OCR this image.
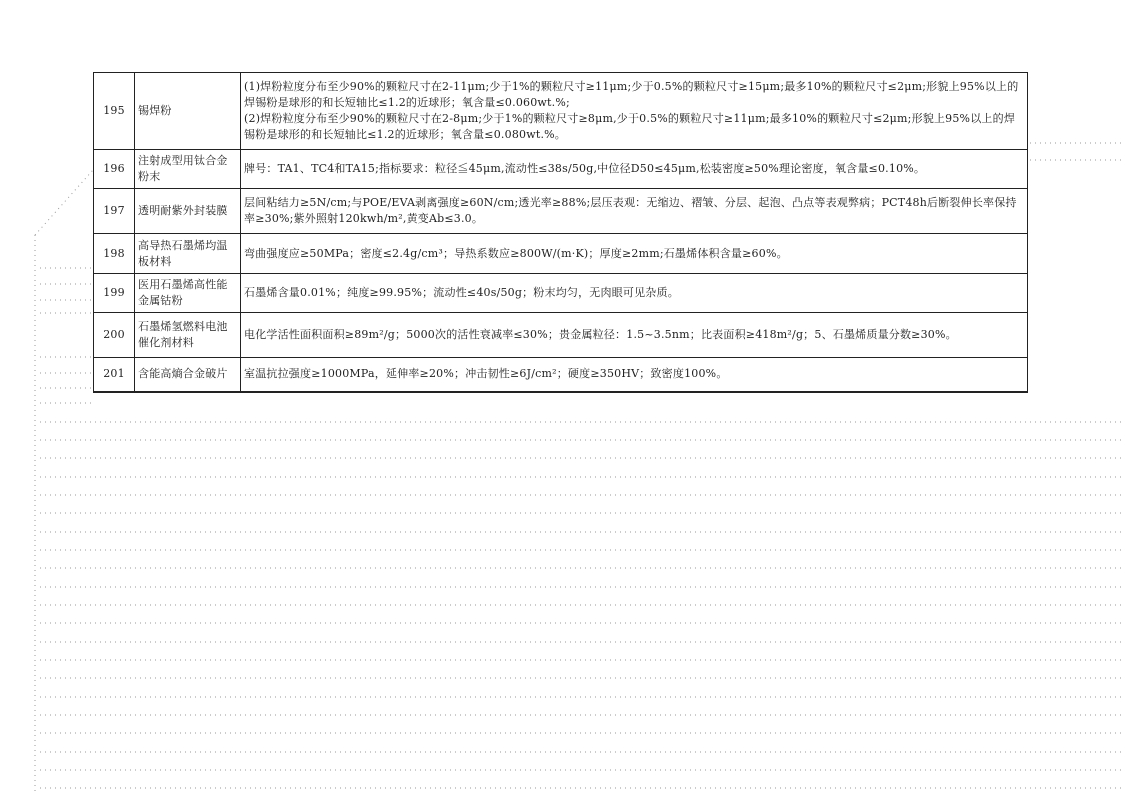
195	锡焊粉	(1)焊粉粒度分布至少90%的颗粒尺寸在2-11μm;少于1%的颗粒尺寸≥11μm;少于0.5%的颗粒尺寸≥15μm;最多10%的颗粒尺寸≤2μm;形貌上95%以上的焊锡粉是球形的和长短轴比≤1.2的近球形；氧含量≤0.060wt.%;
(2)焊粉粒度分布至少90%的颗粒尺寸在2-8μm;少于1%的颗粒尺寸≥8μm,少于0.5%的颗粒尺寸≥11μm;最多10%的颗粒尺寸≤2μm;形貌上95%以上的焊锡粉是球形的和长短轴比≤1.2的近球形；氧含量≤0.080wt.%。

196	注射成型用钛合金粉末	牌号：TA1、TC4和TA15;指标要求：粒径≦45μm,流动性≤38s/50g,中位径D50≤45μm,松装密度≥50%理论密度，氧含量≤0.10%。
197	透明耐紫外封装膜	层间粘结力≥5N/cm;与POE/EVA剥离强度≥60N/cm;透光率≥88%;层压表观：无缩边、褶皱、分层、起泡、凸点等表观弊病；PCT48h后断裂伸长率保持率≥30%;紫外照射120kwh/m²,黄变Ab≤3.0。
198	高导热石墨烯均温板材料	弯曲强度应≥50MPa；密度≤2.4g/cm³；导热系数应≥800W/(m·K)；厚度≥2mm;石墨烯体积含量≥60%。
199	医用石墨烯高性能金属钴粉	石墨烯含量0.01%；纯度≥99.95%；流动性≤40s/50g；粉末均匀，无肉眼可见杂质。
200	石墨烯氢燃料电池催化剂材料	电化学活性面积面积≥89m²/g；5000次的活性衰减率≤30%；贵金属粒径：1.5~3.5nm；比表面积≥418m²/g；5、石墨烯质量分数≥30%。
201	含能高熵合金破片	室温抗拉强度≥1000MPa，延伸率≥20%；冲击韧性≥6J/cm²；硬度≥350HV；致密度100%。
